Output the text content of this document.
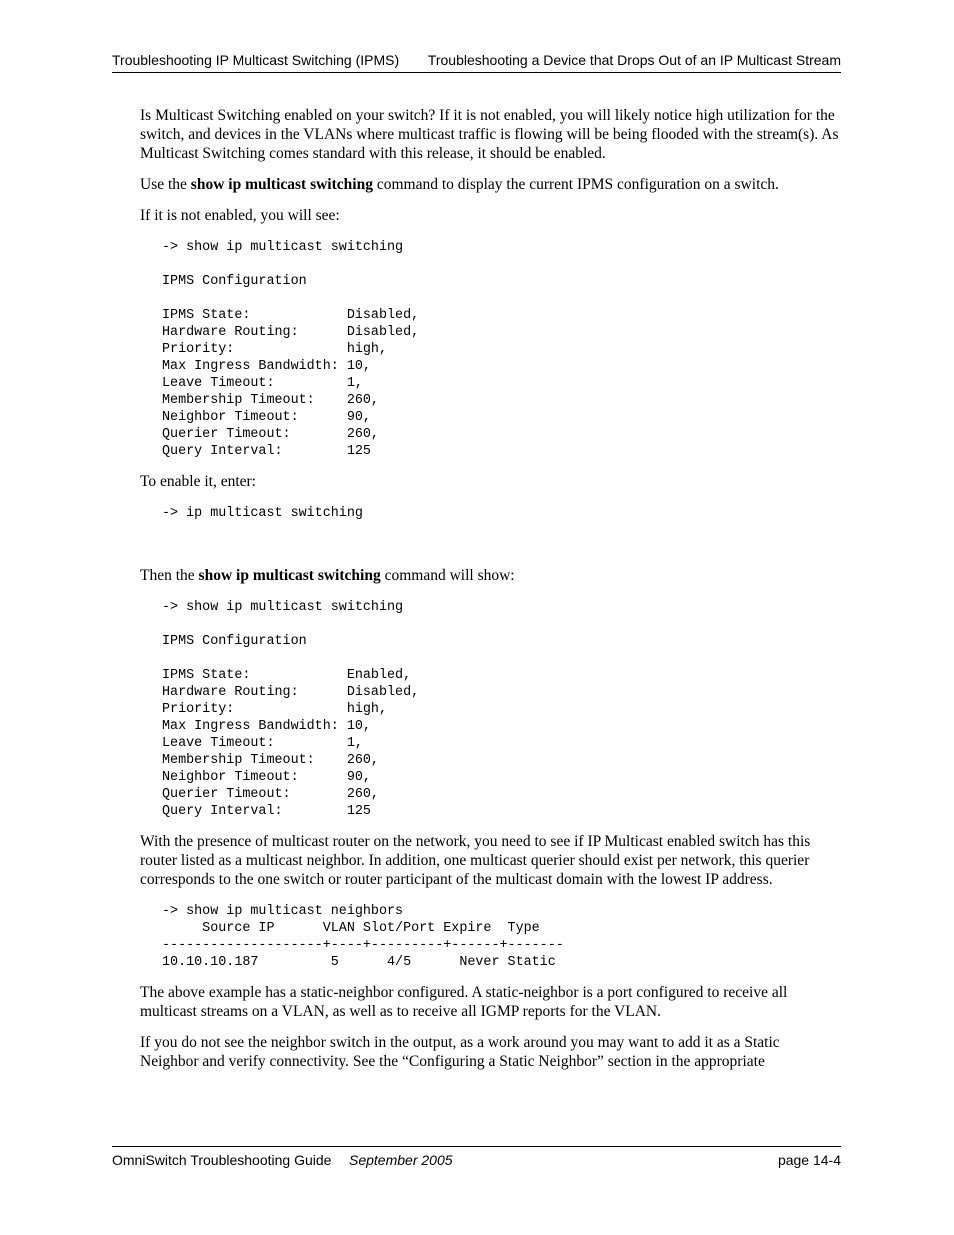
Troubleshooting IP Multicast Switching (IPMS) Troubleshooting a Device that Drops Out of an IP Multicast Stream

Is Multicast Switching enabled on your switch? If it is not enabled, you will likely notice high utilization for the switch, and devices in the VLANs where multicast traffic is flowing will be being flooded with the stream(s). As Multicast Switching comes standard with this release, it should be enabled.

Use the show ip multicast switching command to display the current IPMS configuration on a switch.

If it is not enabled, you will see:

-> show ip multicast switching

IPMS Configuration

IPMS State:            Disabled,
Hardware Routing:      Disabled,
Priority:              high,
Max Ingress Bandwidth: 10,
Leave Timeout:         1,
Membership Timeout:    260,
Neighbor Timeout:      90,
Querier Timeout:       260,
Query Interval:        125

To enable it, enter:

-> ip multicast switching

Then the show ip multicast switching command will show:

-> show ip multicast switching

IPMS Configuration

IPMS State:            Enabled,
Hardware Routing:      Disabled,
Priority:              high,
Max Ingress Bandwidth: 10,
Leave Timeout:         1,
Membership Timeout:    260,
Neighbor Timeout:      90,
Querier Timeout:       260,
Query Interval:        125

With the presence of multicast router on the network, you need to see if IP Multicast enabled switch has this router listed as a multicast neighbor. In addition, one multicast querier should exist per network, this querier corresponds to the one switch or router participant of the multicast domain with the lowest IP address.

-> show ip multicast neighbors
Source IP      VLAN Slot/Port Expire  Type
--------------------+----+---------+------+-------
10.10.10.187         5      4/5      Never Static

The above example has a static-neighbor configured. A static-neighbor is a port configured to receive all multicast streams on a VLAN, as well as to receive all IGMP reports for the VLAN.

If you do not see the neighbor switch in the output, as a work around you may want to add it as a Static Neighbor and verify connectivity. See the “Configuring a Static Neighbor” section in the appropriate

OmniSwitch Troubleshooting Guide September 2005	page 14-4
